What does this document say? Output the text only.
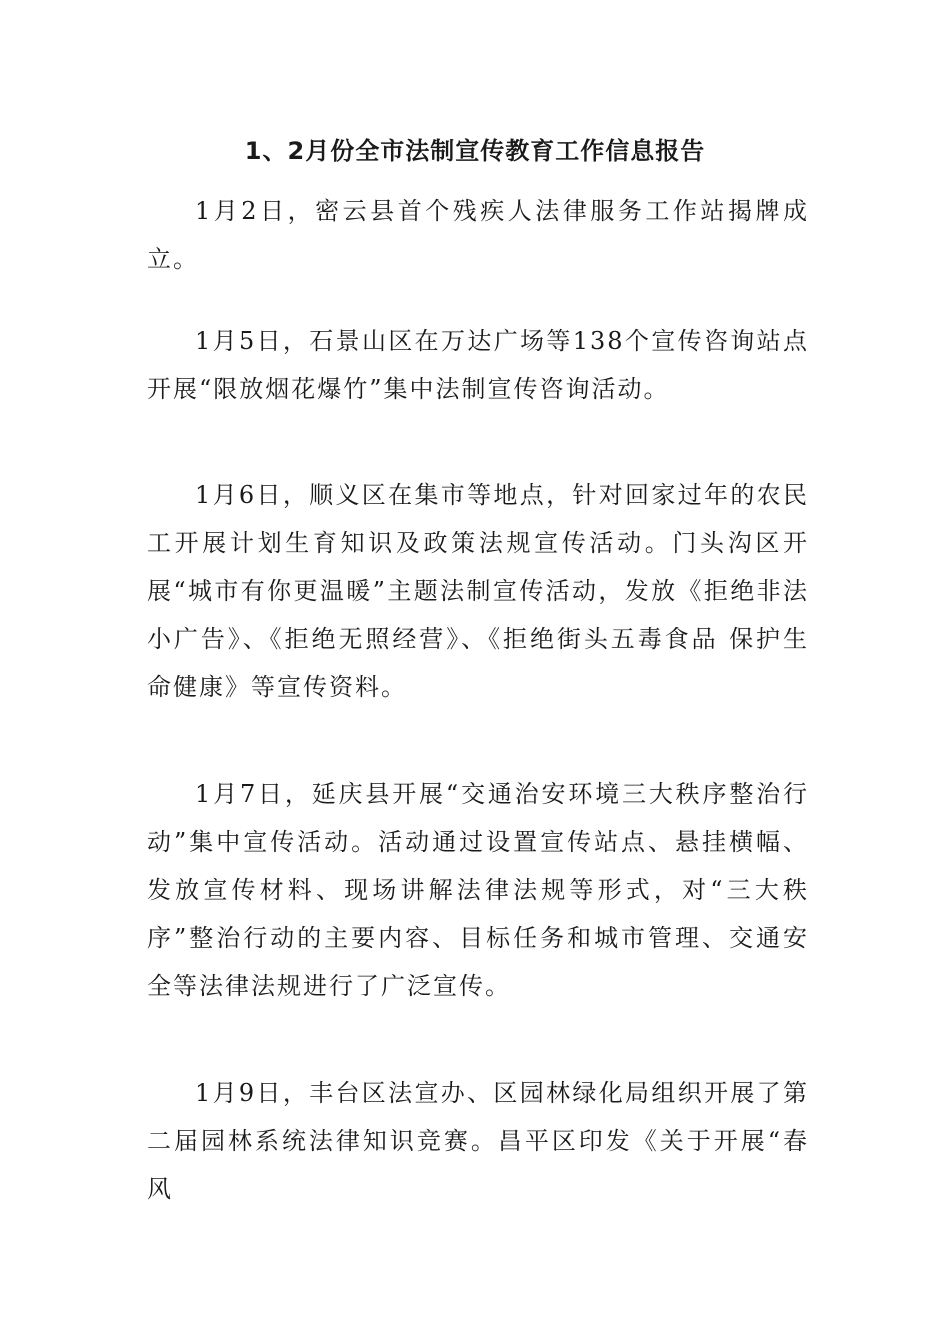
1、2月份全市法制宣传教育工作信息报告

1月2日，密云县首个残疾人法律服务工作站揭牌成立。

1月5日，石景山区在万达广场等138个宣传咨询站点开展“限放烟花爆竹”集中法制宣传咨询活动。

1月6日，顺义区在集市等地点，针对回家过年的农民工开展计划生育知识及政策法规宣传活动。门头沟区开展“城市有你更温暖”主题法制宣传活动，发放《拒绝非法小广告》、《拒绝无照经营》、《拒绝街头五毒食品 保护生命健康》等宣传资料。

1月7日，延庆县开展“交通治安环境三大秩序整治行动”集中宣传活动。活动通过设置宣传站点、悬挂横幅、发放宣传材料、现场讲解法律法规等形式，对“三大秩序”整治行动的主要内容、目标任务和城市管理、交通安全等法律法规进行了广泛宣传。

1月9日，丰台区法宣办、区园林绿化局组织开展了第二届园林系统法律知识竞赛。昌平区印发《关于开展“春风
